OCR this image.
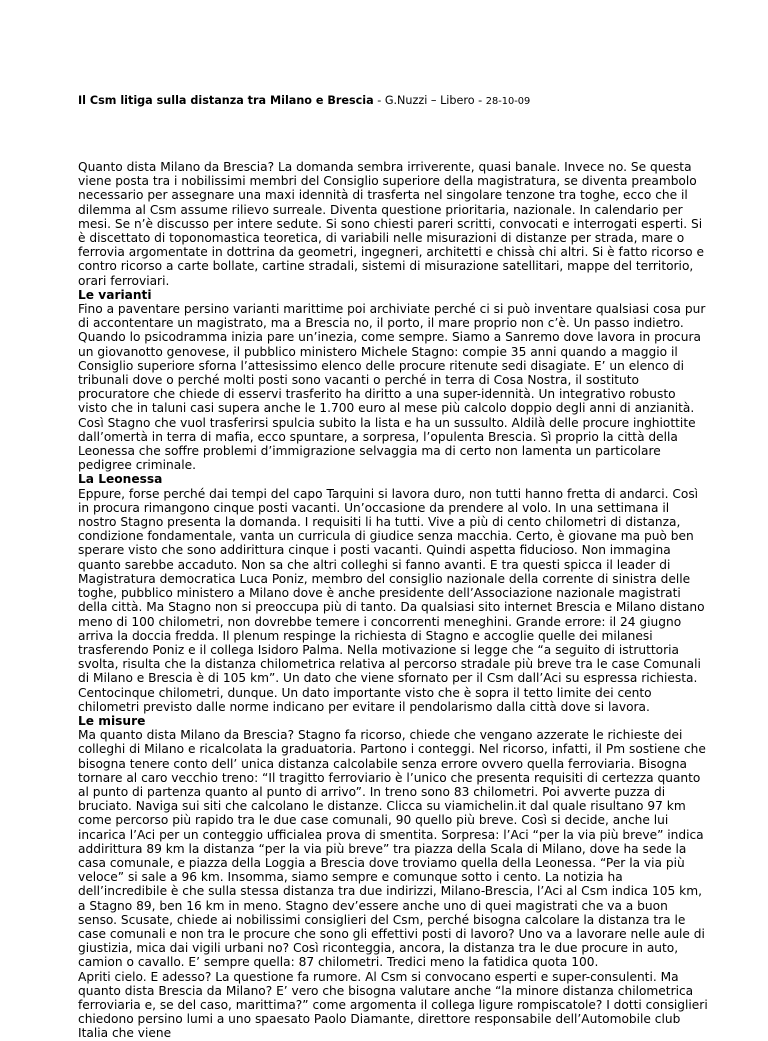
Il Csm litiga sulla distanza tra Milano e Brescia - G.Nuzzi – Libero - 28-10-09

Quanto dista Milano da Brescia? La domanda sembra irriverente, quasi banale. Invece no. Se questa viene posta tra i nobilissimi membri del Consiglio superiore della magistratura, se diventa preambolo necessario per assegnare una maxi idennità di trasferta nel singolare tenzone tra toghe, ecco che il dilemma al Csm assume rilievo surreale. Diventa questione prioritaria, nazionale. In calendario per mesi. Se n’è discusso per intere sedute. Si sono chiesti pareri scritti, convocati e interrogati esperti. Si è discettato di toponomastica teoretica, di variabili nelle misurazioni di distanze per strada, mare o ferrovia argomentate in dottrina da geometri, ingegneri, architetti e chissà chi altri. Si è fatto ricorso e contro ricorso a carte bollate, cartine stradali, sistemi di misurazione satellitari, mappe del territorio, orari ferroviari.

Le varianti

Fino a paventare persino varianti marittime poi archiviate perché ci si può inventare qualsiasi cosa pur di accontentare un magistrato, ma a Brescia no, il porto, il mare proprio non c’è. Un passo indietro. Quando lo psicodramma inizia pare un’inezia, come sempre. Siamo a Sanremo dove lavora in procura un giovanotto genovese, il pubblico ministero Michele Stagno: compie 35 anni quando a maggio il Consiglio superiore sforna l’attesissimo elenco delle procure ritenute sedi disagiate. E’ un elenco di tribunali dove o perché molti posti sono vacanti o perché in terra di Cosa Nostra, il sostituto procuratore che chiede di esservi trasferito ha diritto a una super-idennità. Un integrativo robusto visto che in taluni casi supera anche le 1.700 euro al mese più calcolo doppio degli anni di anzianità. Così Stagno che vuol trasferirsi spulcia subito la lista e ha un sussulto. Aldilà delle procure inghiottite dall’omertà in terra di mafia, ecco spuntare, a sorpresa, l’opulenta Brescia. Sì proprio la città della Leonessa che soffre problemi d’immigrazione selvaggia ma di certo non lamenta un particolare pedigree criminale.

La Leonessa

Eppure, forse perché dai tempi del capo Tarquini si lavora duro, non tutti hanno fretta di andarci. Così in procura rimangono cinque posti vacanti. Un’occasione da prendere al volo. In una settimana il nostro Stagno presenta la domanda. I requisiti li ha tutti. Vive a più di cento chilometri di distanza, condizione fondamentale, vanta un curricula di giudice senza macchia. Certo, è giovane ma può ben sperare visto che sono addirittura cinque i posti vacanti. Quindi aspetta fiducioso. Non immagina quanto sarebbe accaduto. Non sa che altri colleghi si fanno avanti. E tra questi spicca il leader di Magistratura democratica Luca Poniz, membro del consiglio nazionale della corrente di sinistra delle toghe, pubblico ministero a Milano dove è anche presidente dell’Associazione nazionale magistrati della città. Ma Stagno non si preoccupa più di tanto. Da qualsiasi sito internet Brescia e Milano distano meno di 100 chilometri, non dovrebbe temere i concorrenti meneghini. Grande errore: il 24 giugno arriva la doccia fredda. Il plenum respinge la richiesta di Stagno e accoglie quelle dei milanesi trasferendo Poniz e il collega Isidoro Palma. Nella motivazione si legge che “a seguito di istruttoria svolta, risulta che la distanza chilometrica relativa al percorso stradale più breve tra le case Comunali di Milano e Brescia è di 105 km”. Un dato che viene sfornato per il Csm dall’Aci su espressa richiesta. Centocinque chilometri, dunque. Un dato importante visto che è sopra il tetto limite dei cento chilometri previsto dalle norme indicano per evitare il pendolarismo dalla città dove si lavora.

Le misure

Ma quanto dista Milano da Brescia? Stagno fa ricorso, chiede che vengano azzerate le richieste dei colleghi di Milano e ricalcolata la graduatoria. Partono i conteggi. Nel ricorso, infatti, il Pm sostiene che bisogna tenere conto dell’ unica distanza calcolabile senza errore ovvero quella ferroviaria. Bisogna tornare al caro vecchio treno: “Il tragitto ferroviario è l’unico che presenta requisiti di certezza quanto al punto di partenza quanto al punto di arrivo”. In treno sono 83 chilometri. Poi avverte puzza di bruciato. Naviga sui siti che calcolano le distanze. Clicca su viamichelin.it dal quale risultano 97 km come percorso più rapido tra le due case comunali, 90 quello più breve. Così si decide, anche lui incarica l’Aci per un conteggio ufficialea prova di smentita. Sorpresa: l’Aci “per la via più breve” indica addirittura 89 km la distanza “per la via più breve” tra piazza della Scala di Milano, dove ha sede la casa comunale, e piazza della Loggia a Brescia dove troviamo quella della Leonessa. “Per la via più veloce” si sale a 96 km. Insomma, siamo sempre e comunque sotto i cento. La notizia ha dell’incredibile è che sulla stessa distanza tra due indirizzi, Milano-Brescia, l’Aci al Csm indica 105 km, a Stagno 89, ben 16 km in meno. Stagno dev’essere anche uno di quei magistrati che va a buon senso. Scusate, chiede ai nobilissimi consiglieri del Csm, perché bisogna calcolare la distanza tra le case comunali e non tra le procure che sono gli effettivi posti di lavoro? Uno va a lavorare nelle aule di giustizia, mica dai vigili urbani no? Così riconteggia, ancora, la distanza tra le due procure in auto, camion o cavallo. E’ sempre quella: 87 chilometri. Tredici meno la fatidica quota 100.
Apriti cielo. E adesso? La questione fa rumore. Al Csm si convocano esperti e super-consulenti. Ma quanto dista Brescia da Milano? E’ vero che bisogna valutare anche “la minore distanza chilometrica ferroviaria e, se del caso, marittima?” come argomenta il collega ligure rompiscatole? I dotti consiglieri chiedono persino lumi a uno spaesato Paolo Diamante, direttore responsabile dell’Automobile club Italia che viene
